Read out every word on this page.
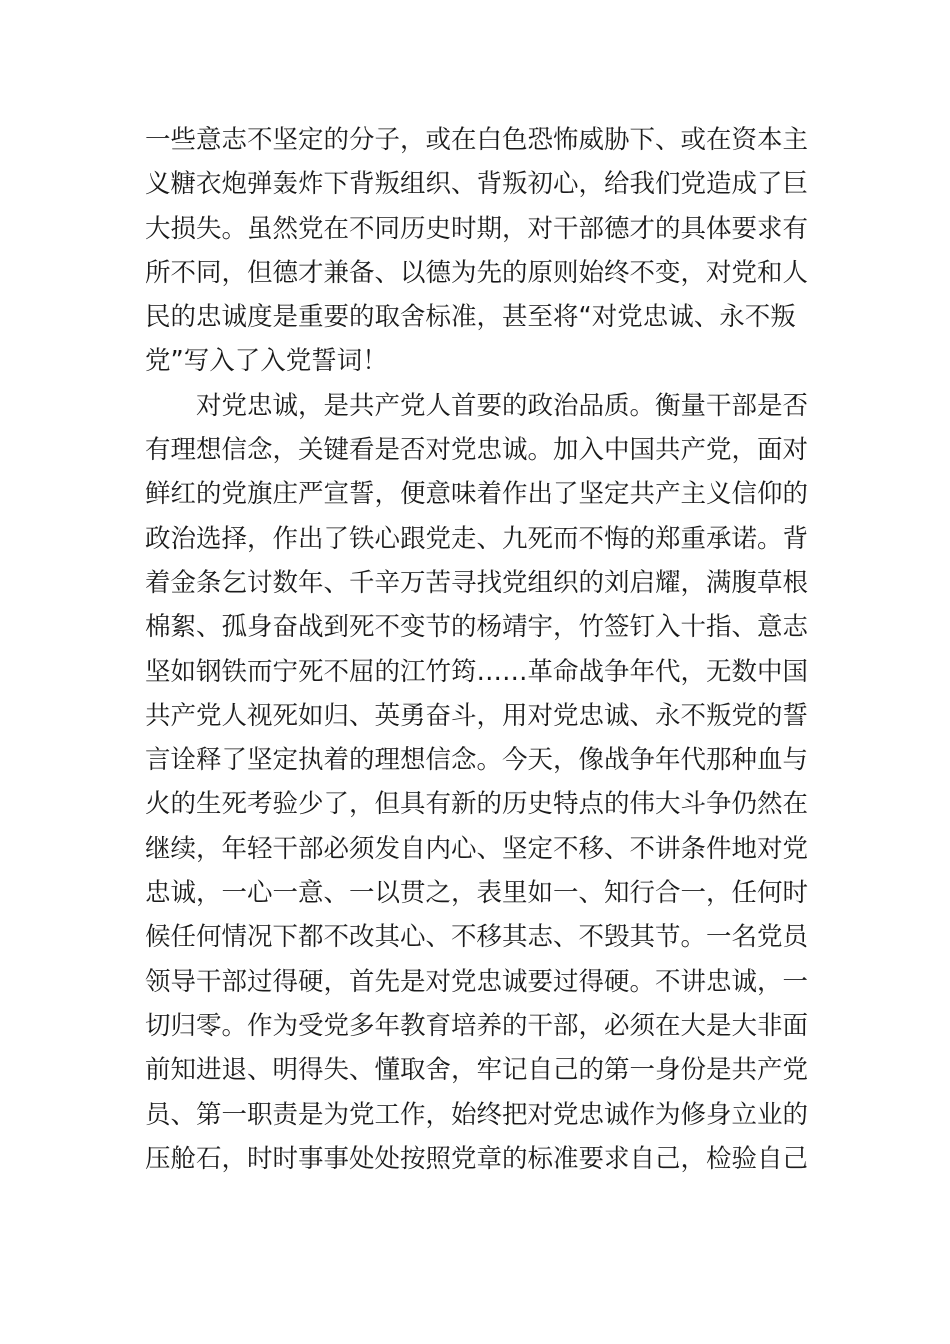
一些意志不坚定的分子，或在白色恐怖威胁下、或在资本主
义糖衣炮弹轰炸下背叛组织、背叛初心，给我们党造成了巨
大损失。虽然党在不同历史时期，对干部德才的具体要求有
所不同，但德才兼备、以德为先的原则始终不变，对党和人
民的忠诚度是重要的取舍标准，甚至将“对党忠诚、永不叛
党”写入了入党誓词！
对党忠诚，是共产党人首要的政治品质。衡量干部是否
有理想信念，关键看是否对党忠诚。加入中国共产党，面对
鲜红的党旗庄严宣誓，便意味着作出了坚定共产主义信仰的
政治选择，作出了铁心跟党走、九死而不悔的郑重承诺。背
着金条乞讨数年、千辛万苦寻找党组织的刘启耀，满腹草根
棉絮、孤身奋战到死不变节的杨靖宇，竹签钉入十指、意志
坚如钢铁而宁死不屈的江竹筠……革命战争年代，无数中国
共产党人视死如归、英勇奋斗，用对党忠诚、永不叛党的誓
言诠释了坚定执着的理想信念。今天，像战争年代那种血与
火的生死考验少了，但具有新的历史特点的伟大斗争仍然在
继续，年轻干部必须发自内心、坚定不移、不讲条件地对党
忠诚，一心一意、一以贯之，表里如一、知行合一，任何时
候任何情况下都不改其心、不移其志、不毁其节。一名党员
领导干部过得硬，首先是对党忠诚要过得硬。不讲忠诚，一
切归零。作为受党多年教育培养的干部，必须在大是大非面
前知进退、明得失、懂取舍，牢记自己的第一身份是共产党
员、第一职责是为党工作，始终把对党忠诚作为修身立业的
压舱石，时时事事处处按照党章的标准要求自己，检验自己
